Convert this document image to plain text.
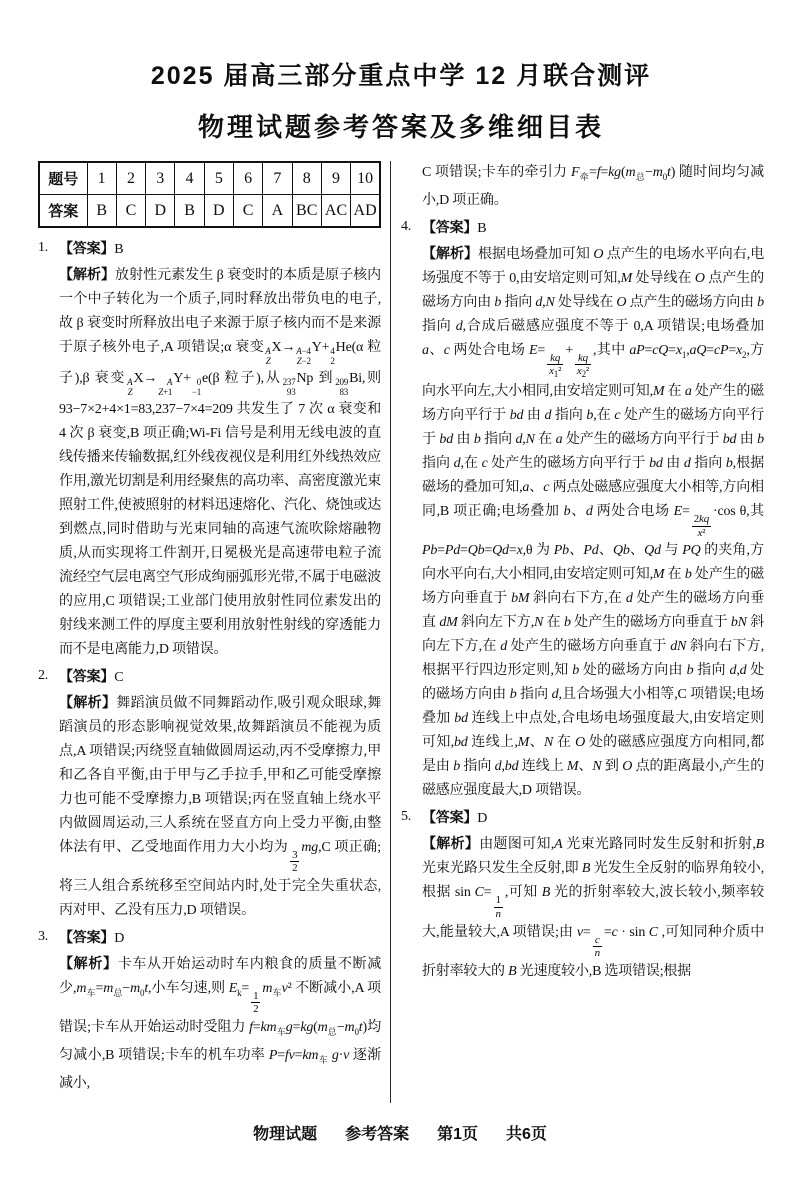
2025 届高三部分重点中学 12 月联合测评
物理试题参考答案及多维细目表
题号	1	2	3	4	5	6	7	8	9	10
答案	B	C	D	B	D	C	A	BC	AC	AD
1. 【答案】B
【解析】放射性元素发生 β 衰变时的本质是原子核内一个中子转化为一个质子,同时释放出带负电的电子,故 β 衰变时所释放出电子来源于原子核内而不是来源于原子核外电子,A 项错误;α 衰变 A
Z
X→ A−4
Z−2
Y+ 4
2
He(α 粒子),β 衰变 A
Z
X→	A
Z+1
Y+ 0
−1
e(β 粒子),从 237
93
Np 到 209
83
Bi,则 93−7×2+4×1=83,237−7×4=209 共发生了 7 次 α 衰变和 4 次 β 衰变,B 项正确;Wi-Fi 信号是利用无线电波的直线传播来传输数据,红外线夜视仪是利用红外线热效应作用,激光切割是利用经聚焦的高功率、高密度激光束照射工件,使被照射的材料迅速熔化、汽化、烧蚀或达到燃点,同时借助与光束同轴的高速气流吹除熔融物质,从而实现将工件割开,日冕极光是高速带电粒子流流经空气层电离空气形成绚丽弧形光带,不属于电磁波的应用,C 项错误;工业部门使用放射性同位素发出的射线来测工件的厚度主要利用放射性射线的穿透能力而不是电离能力,D 项错误。
2. 【答案】C
【解析】舞蹈演员做不同舞蹈动作,吸引观众眼球,舞蹈演员的形态影响视觉效果,故舞蹈演员不能视为质点,A 项错误;丙绕竖直轴做圆周运动,丙不受摩擦力,甲和乙各自平衡,由于甲与乙手拉手,甲和乙可能受摩擦力也可能不受摩擦力,B 项错误;丙在竖直轴上绕水平内做圆周运动,三人系统在竖直方向上受力平衡,由整体法有甲、乙受地面作用力大小均为
$\frac{3}{2}$
mg,C 项正确;将三人组合系统移至空间站内时,处于完全失重状态,丙对甲、乙没有压力,D 项错误。
3. 【答案】D
【解析】卡车从开始运动时车内粮食的质量不断减少$,m_车=m_总-m_0t$,小车匀速,则 $E_k=$
$\frac{1}{2}$
$m_车v^2$ 不断减小,A 项错误;卡车从开始运动时受阻力 $f=km_车g=kg(m_总-m_0t)$均匀减小,B 项错误;卡车的机车功率 $P=fv=km_车$ g·v 逐渐减小,
C 项错误;卡车的牵引力 $F_牵=f=kg(m_总-m_0t)$ 随时间均匀减小,D 项正确。
4. 【答案】B
【解析】根据电场叠加可知 O 点产生的电场水平向右,电场强度不等于 0,由安培定则可知,M 处导线在 O 点产生的磁场方向由 b 指向 d,N 处导线在 O 点产生的磁场方向由 b 指向 d,合成后磁感应强度不等于 0,A 项错误;电场叠加 a、c 两处合电场 E=
$\frac{kq}{x_1^2}$
+
$\frac{kq}{x_2^2}$
,其中 $aP=cQ=x_1,aQ=cP=x_2$,方向水平向左,大小相同,由安培定则可知,M 在 a 处产生的磁场方向平行于 bd 由 d 指向 b,在 c 处产生的磁场方向平行于 bd 由 b 指向 d,N 在 a 处产生的磁场方向平行于 bd 由 b 指向 d,在 c 处产生的磁场方向平行于 bd 由 d 指向 b,根据磁场的叠加可知,a、c 两点处磁感应强度大小相等,方向相同,B 项正确;电场叠加 b、d 两处合电场 E=
$\frac{2kq}{\text{x²}}$
·cos θ,其 Pb=Pd=Qb=Qd=x,θ 为 Pb、Pd、Qb、Qd 与 PQ 的夹角,方向水平向右,大小相同,由安培定则可知,M 在 b 处产生的磁场方向垂直于 bM 斜向右下方,在 d 处产生的磁场方向垂直 dM 斜向左下方,N 在 b 处产生的磁场方向垂直于 bN 斜向左下方,在 d 处产生的磁场方向垂直于 dN 斜向右下方,根据平行四边形定则,知 b 处的磁场方向由 b 指向 d,d 处的磁场方向由 b 指向 d,且合场强大小相等,C 项错误;电场叠加 bd 连线上中点处,合电场电场强度最大,由安培定则可知,bd 连线上,M、N 在 O 处的磁感应强度方向相同,都是由 b 指向 d,bd 连线上 M、N 到 O 点的距离最小,产生的磁感应强度最大,D 项错误。
5. 【答案】D
【解析】由题图可知,A 光束光路同时发生反射和折射,B 光束光路只发生全反射,即 B 光发生全反射的临界角较小,根据 sin C=
$\frac{1}{n}$
,可知 B 光的折射率较大,波长较小,频率较大,能量较大,A 项错误;由 v=
$\frac{c}{n}$
=c · sin C ,可知同种介质中折射率较大的 B 光速度较小,B 选项错误;根据
物理试题 参考答案 第1页 共6页
